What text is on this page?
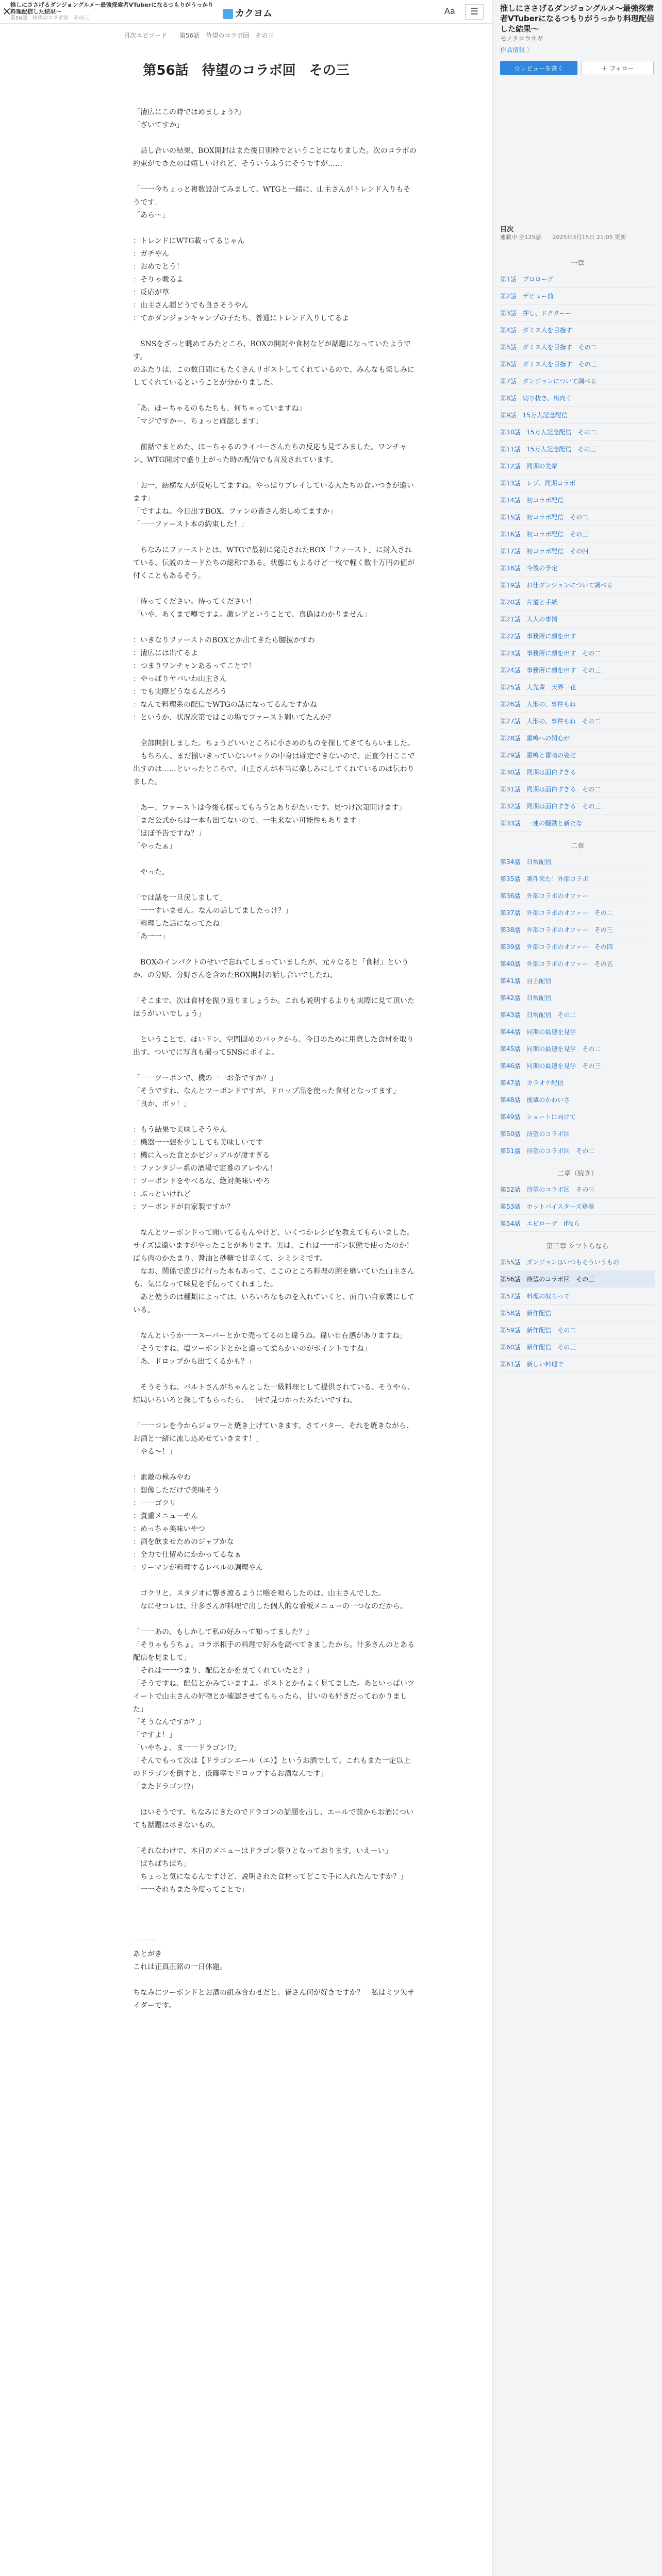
×
推しにささげるダンジョングルメ～最強探索者VTuberになるつもりがうっかり料理配信した結果～
第56話　待望のコラボ回　その三	カクヨム	Aa	☰
目次エピソード 第56話　待望のコラボ回　その三
第56話　待望のコラボ回　その三
「清広にこの時ではめましょう?」
「ざいてすか」

　話し合いの結果、BOX開封はまた後日別枠でということになりました。次のコラボの約束ができたのは嬉しいけれど、そういうふうにそうですが……

「一一今ちょっと複数設計てみまして、WTGと一緒に、山主さんがトレンド入りもそうです」
「あら～」

：トレンドにWTG載ってるじゃん
：ガチやん
：おめでとう！
：そりゃ載るよ
：反応が草
：山主さん超どうでも良さそうやん
：てかダンジョンキャンプの子たち、普通にトレンド入りしてるよ

　SNSをざっと眺めてみたところ、BOXの開封や食材などが話題になっていたようです。
のふたりは、この数日間にもたくさんリポストしてくれているので、みんなも楽しみにしてくれているということが分かりました。

「あ、ほーちゃるのもたちも、何ちゃっていますね」
「マジですかー、ちょっと確認します」

　前話でまとめた、ほーちゃるのライバーさんたちの反応も見てみました。ワンチャン、WTG開封で盛り上がった時の配信でも言及されています。

「お一、結構な人が反応してますね。やっぱりプレイしている人たちの食いつきが違います」
「ですよね。今日出すBOX、ファンの皆さん楽しめてますか」
「一一ファースト本の約束した！」

　ちなみにファーストとは、WTGで最初に発売されたBOX「ファースト」に封入されている、伝説のカードたちの総称である。状態にもよるけど一枚で軽く数十万円の値が付くこともあるそう。

「待ってください。待ってください！」
「いや、あくまで噂ですよ。激レアということで、真偽はわかりません」

：いきなりファーストのBOXとか出てきたら腰抜かすわ
：清広には出てるよ
：つまりワンチャンあるってことで！
：やっぱりヤバいわ山主さん
：でも実際どうなるんだろう
：なんで料理系の配信でWTGの話になってるんですかね
：というか、状況次第ではこの場でファースト剝いてたんか？

　全部開封しました。ちょうどいいところに小さめのものを探してきてもらいました。
　もちろん、まだ揃いきっていないパックの中身は確定できないので、正直今日ここで出すのは……といったところで、山主さんが本当に楽しみにしてくれているのは伝わりました。

「あー、ファーストは今後も探ってもらうとありがたいです。見つけ次第開けます」
「まだ公式からは一本も出てないので、一生来ない可能性もあります」
「ほぼ予告ですね？」
「やったぁ」

　やった。

「では話を一旦戻しまして」
「一一すいません。なんの話してましたっけ？」
「料理した話になってたね」
「あ一一」

　BOXのインパクトのせいで忘れてしまっていましたが、元々なると「食材」というか、の分野、分野さんを含めたBOX開封の話し合いでしたね。

「そこまで、次は食材を振り返りましょうか。これも説明するよりも実際に見て頂いたほうがいいでしょう」

　ということで、ほいドン、空間固めのバックから、今日のために用意した食材を取り出す。ついでに写真も撮ってSNSにポイよ。

「一一ツーボンで、機の一一お茶ですか？」
「そうですね、なんとツーボンドですが、ドロップ品を使った食材となってます」
「良か、ボッ！」

：もう結果で美味しそうやん
：機器一一想を少ししても美味しいです
：機に入った食とかビジュアルが凄すぎる
：ファンタジー系の酒場で定番のアレやん！
：ツーボンドをやべるな、絶対美味いやろ
：ぶっといけれど
：ツーボンドが自家製ですか？

　なんとツーボンドって聞いてるもんやけど、いくつかレシピを教えてもらいました。サイズは違いますがやったことがあります。実は、これは一一ボン状態で使ったのか！ばら肉のかたまり、醤油と砂糖で甘辛くて、シミシミです。
　なお、関係で遊びに行った本もあって、ここのところ料理の腕を磨いていた山主さんも、気になって味見を手伝ってくれました。
　あと使うのは種類によっては、いろいろなものを入れていくと、面白い自家製にしている。

「なんというか一一スーパーとかで売ってるのと違うね。違い自在感がありますね」
「そうですね、塩ツーボンドとかと違って柔らかいのがポイントですね」
「あ、ドロップから出てくるかも？」

　そうそうね、バルトさんがちゃんとした一級料理として提供されている。そうやら、結局いろいろと探してもらったら、一回で見つかったみたいですね。

「一一コレを今からジョワーと焼き上げていきます。さてバター、それを焼きながら、お酒と一緒に流し込めせていきます！」
「やる～！」

：素敵の極みやわ
：想像しただけで美味そう
：一一ゴクリ
：貴重メニューやん
：めっちゃ美味いやつ
：酒を飲ませためのジャブかな
：全力で仕留めにかかってるなぁ
：リーマンが料理するレベルの調理やん

　ゴクリと、スタジオに響き渡るように喉を鳴らしたのは、山主さんでした。
　なにせコレは、汁多さんが料理で出した個人的な看板メニューの一つなのだから。

「一一あの、もしかして私の好みって知ってました？」
「そりゃもうちょ。コラボ相手の料理で好みを調べてきましたから。汁多さんのとある配信を見まして」
「それは一一つまり、配信とかを見てくれていたと？」
「そうですね、配信とかみていますよ。ポストとかもよく見てました。あといっぱいツイートで山主さんの好物とか確認させてもらったら、甘いのも好きだってわかりました」
「そうなんですか？」
「ですよ！」
「いやちょ、ま一一ドラゴン!?」
「そんでもって次は【ドラゴンエール（エ）】というお酒でして。これもまた一定以上のドラゴンを倒すと、低確率でドロップするお酒なんです」
「またドラゴン!?」

　はいそうです。ちなみにきたのでドラゴンの話題を出し、エールで前からお酒についても話題は尽きないもの。

「それなわけで、本日のメニューはドラゴン祭りとなっております。いえーい」
「ぱちぱちぱち」
「ちょっと気になるんですけど、説明された食材ってどこで手に入れたんですか？」
「一一それもまた今度ってことで」

一一一
あとがき
これは正真正銘の一日休題。

ちなみにツーボンドとお酒の組み合わせだと、皆さん何が好きですか？　私はミツ矢サイダーです。
推しにささげるダンジョングルメ～最強探索者VTuberになるつもりがうっかり料理配信した結果～
モノクロウサギ
作品情報 〉
☆レビューを書く	＋ フォロー
目次
連載中 全125話　　2025年3月15日 21:05 更新
一章
第1話　プロローグ
第2話　デビュー前
第3話　押し、ドクターー
第4話　ダミス人を目指す
第5話　ダミス人を目指す　その二
第6話　ダミス人を目指す　その三
第7話　ダンジョンについて調べる
第8話　切り抜き、出向く
第9話　15万人記念配信
第10話　15万人記念配信　その二
第11話　15万人記念配信　その三
第12話　同期の先輩
第13話　レゾ、同期コラボ
第14話　初コラボ配信
第15話　初コラボ配信　その二
第16話　初コラボ配信　その三
第17話　初コラボ配信　その四
第18話　今後の予定
第19話　お仕ダンジョンについて調べる
第20話　片道と手紙
第21話　大人の事情
第22話　事務所に顔を出す
第23話　事務所に顔を出す　その二
第24話　事務所に顔を出す　その三
第25話　大先輩　天界一花
第26話　人形の、事件もね
第27話　人形の、事件もね　その二
第28話　雷鳴への関心が
第29話　雷鳴と雷鳴の姿だ
第30話　同期は面白すぎる
第31話　同期は面白すぎる　その二
第32話　同期は面白すぎる　その三
第33話　一連の騒動と新たな
二章
第34話　日常配信
第35話　案件来た！外部コラボ
第36話　外部コラボのオファー
第37話　外部コラボのオファー　その二
第38話　外部コラボのオファー　その三
第39話　外部コラボのオファー　その四
第40話　外部コラボのオファー　その五
第41話　自主配信
第42話　日常配信
第43話　日常配信　その二
第44話　同期の最速を見学
第45話　同期の最速を見学　その二
第46話　同期の最速を見学　その三
第47話　カラオケ配信
第48話　後輩のかわいさ
第49話　ショートに向けて
第50話　待望のコラボ回
第51話　待望のコラボ回　その二
二章（続き）
第52話　待望のコラボ回　その三
第53話　ホットバイスターズ登場
第54話　エピローグ　ifなら
第三章 シフトらなら
第55話　ダンジョンはいつもそういうもの
第56話　待望のコラボ回　その三
第57話　料理の奴らって
第58話　新作配信
第59話　新作配信　その二
第60話　新作配信　その三
第61話　新しい料理で
